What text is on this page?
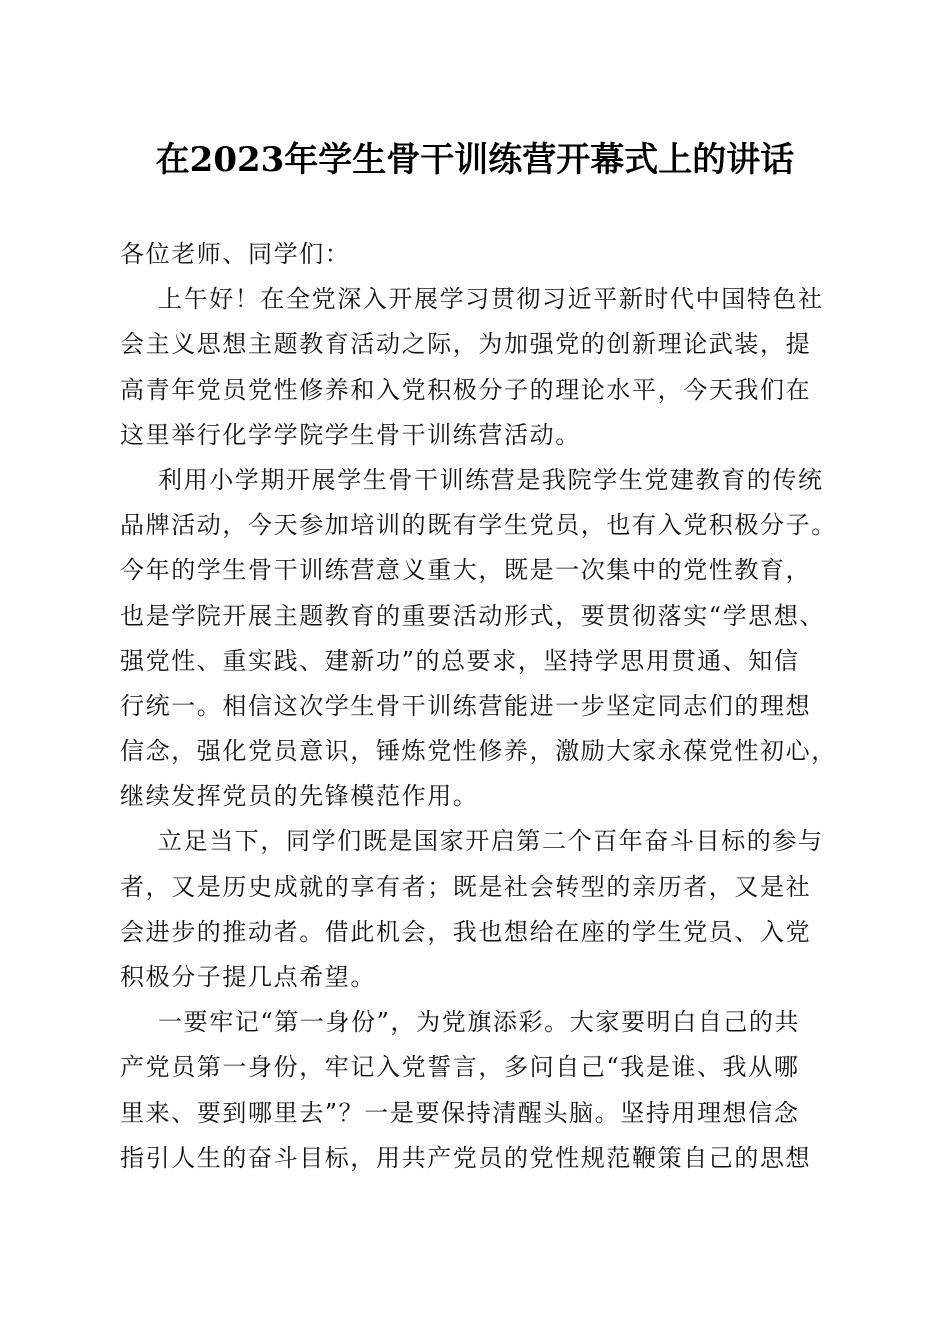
在2023年学生骨干训练营开幕式上的讲话
各位老师、同学们：
上午好！在全党深入开展学习贯彻习近平新时代中国特色社
会主义思想主题教育活动之际，为加强党的创新理论武装，提
高青年党员党性修养和入党积极分子的理论水平，今天我们在
这里举行化学学院学生骨干训练营活动。
利用小学期开展学生骨干训练营是我院学生党建教育的传统
品牌活动，今天参加培训的既有学生党员，也有入党积极分子。
今年的学生骨干训练营意义重大，既是一次集中的党性教育，
也是学院开展主题教育的重要活动形式，要贯彻落实“学思想、
强党性、重实践、建新功”的总要求，坚持学思用贯通、知信
行统一。相信这次学生骨干训练营能进一步坚定同志们的理想
信念，强化党员意识，锤炼党性修养，激励大家永葆党性初心，
继续发挥党员的先锋模范作用。
立足当下，同学们既是国家开启第二个百年奋斗目标的参与
者，又是历史成就的享有者；既是社会转型的亲历者，又是社
会进步的推动者。借此机会，我也想给在座的学生党员、入党
积极分子提几点希望。
一要牢记“第一身份”，为党旗添彩。大家要明白自己的共
产党员第一身份，牢记入党誓言，多问自己“我是谁、我从哪
里来、要到哪里去”？一是要保持清醒头脑。坚持用理想信念
指引人生的奋斗目标，用共产党员的党性规范鞭策自己的思想
